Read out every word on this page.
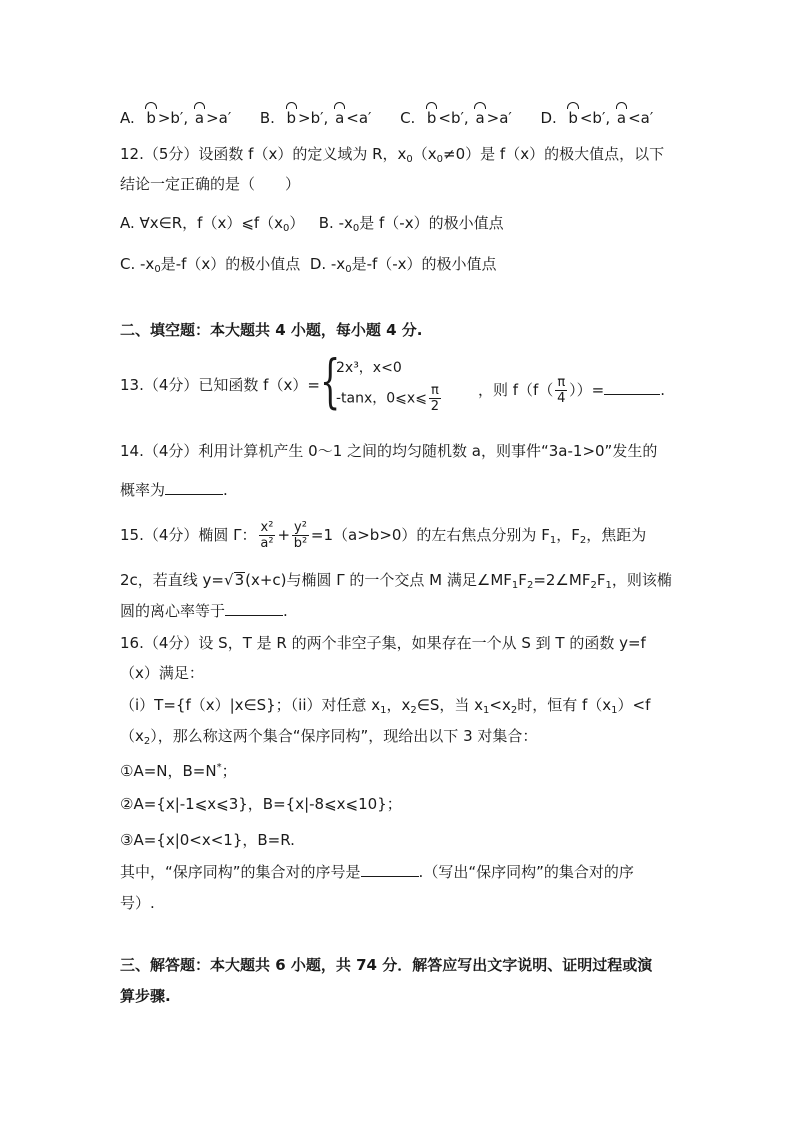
A. b >b′, a >a′ B. b >b′, a <a′ C. b <b′, a >a′ D. b <b′, a <a′
12.（5分）设函数 f（x）的定义域为 R，$x_0(x_0\ne 0)$是 f（x）的极大值点，以下
结论一定正确的是（　　）
A. ∀x∈R，$f(x)⩽f(x_0)$ B. $-x_0$是 f（-x）的极小值点
C. $-x_0$是-f（x）的极小值点 D. $-x_0$是-f（-x）的极小值点
二、填空题：本大题共 4 小题，每小题 4 分.
13.（4分）已知函数 f（x）= {
2x³，x<0
-tanx，0⩽x⩽ $\frac{\pi}{2}$ ，则 $f(f( \frac{\pi}{4}$ ））=	.
14.（4分）利用计算机产生 0～1 之间的均匀随机数 a，则事件“3a-1>0”发生的
概率为	.
15.（4分）椭圆 Γ： $\frac{\text{x²}}{\text{a²}} + \frac{\text{y²}}{\text{b²}} =1(a>b>0)$的左右焦点分别为 $F_1$，$F_2$，焦距为
2c，若直线 y=√3(x+c)与椭圆 Γ 的一个交点 M 满足$\angle MF_1F_2=2\angle MF_2F_1$，则该椭
圆的离心率等于	.
16.（4分）设 S，T 是 R 的两个非空子集，如果存在一个从 S 到 T 的函数 y=f
（x）满足：
（i）T={f（x）|x∈S}；（ii）对任意 $x_1$，$x_2\in S$，当 $x_1<x_2$时，恒有 $f(x_1)<f$
$(x_2)$，那么称这两个集合“保序同构”，现给出以下 3 对集合：
①A=N，B=N*；
②A={x|-1⩽x⩽3}，B={x|-8⩽x⩽10}；
③A={x|0<x<1}，B=R.
其中，“保序同构”的集合对的序号是	.（写出“保序同构”的集合对的序
号）.
三、解答题：本大题共 6 小题，共 74 分．解答应写出文字说明、证明过程或演
算步骤.
